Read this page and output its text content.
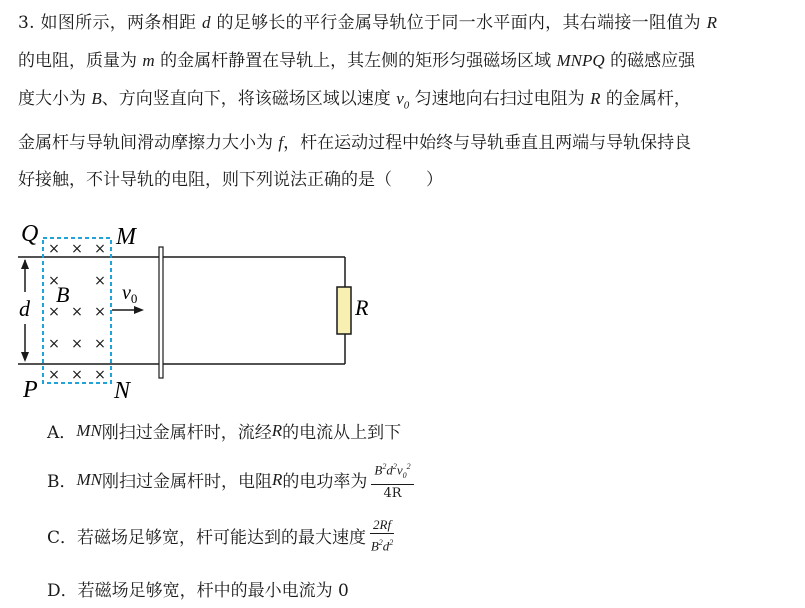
3. 如图所示，两条相距 d 的足够长的平行金属导轨位于同一水平面内，其右端接一阻值为 R

的电阻，质量为 m 的金属杆静置在导轨上，其左侧的矩形匀强磁场区域 MNPQ 的磁感应强

度大小为 B、方向竖直向下，将该磁场区域以速度 $v_0$ 匀速地向右扫过电阻为 R 的金属杆，

金属杆与导轨间滑动摩擦力大小为 f，杆在运动过程中始终与导轨垂直且两端与导轨保持良

好接触，不计导轨的电阻，则下列说法正确的是（　　）

R
× × ×
× ×
× × ×
× × ×
× × ×
Q	M
P	N
B
d
$v_0$
A． MN 刚扫过金属杆时，流经 R 的电流从上到下
B． MN 刚扫过金属杆时，电阻 R 的电功率为 $\frac{B^2d^2v_0^2}{4R}$
C． 若磁场足够宽，杆可能达到的最大速度 $\frac{2Rf}{B^2d^2}$
D． 若磁场足够宽，杆中的最小电流为 0
